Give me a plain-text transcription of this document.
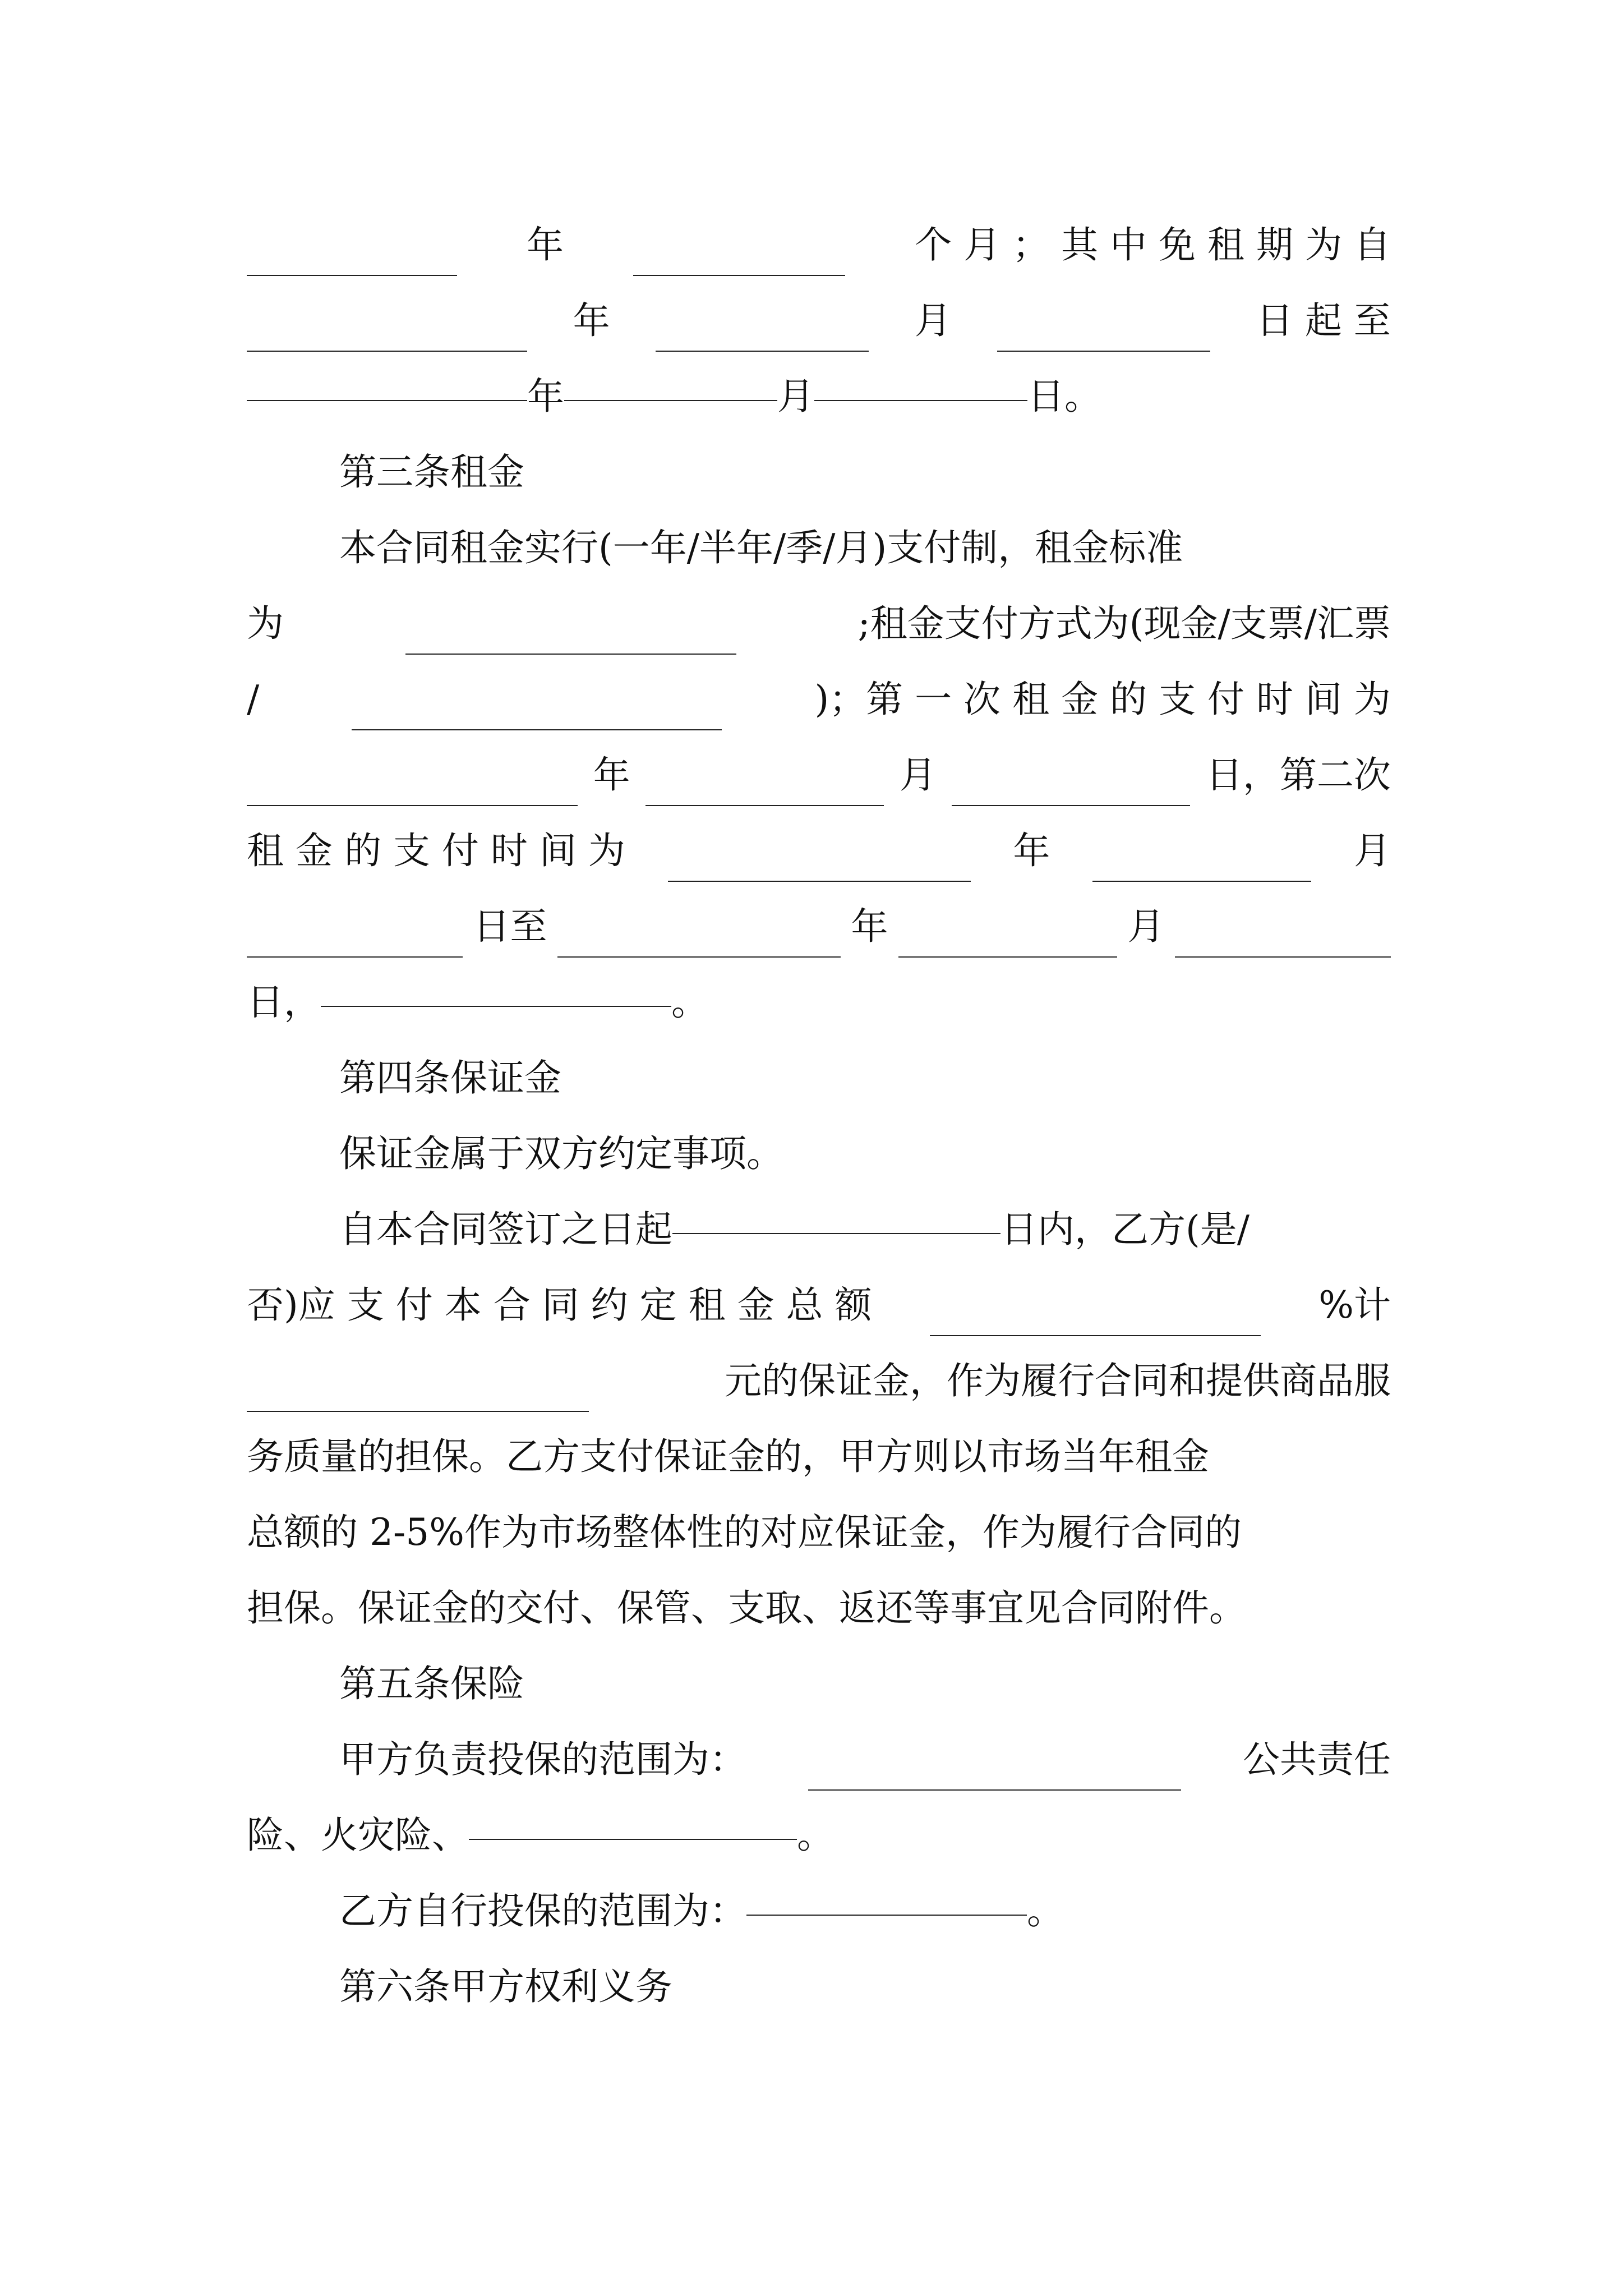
年	个 月 ； 其 中 免 租 期 为 自
年	月	日 起 至
年	月	日。
第三条租金
本合同租金实行(一年/半年/季/月)支付制，租金标准
为	;租金支付方式为(现金/支票/汇票
/	)；第 一 次 租 金 的 支 付 时 间 为
年	月	日，第二次
租 金 的 支 付 时 间 为	年	月
日至	年	月
日，	。
第四条保证金
保证金属于双方约定事项。
自本合同签订之日起	日内，乙方(是/
否)应 支 付 本 合 同 约 定 租 金 总 额	%计
元的保证金，作为履行合同和提供商品服
务质量的担保。乙方支付保证金的，甲方则以市场当年租金
总额的 2-5%作为市场整体性的对应保证金，作为履行合同的
担保。保证金的交付、保管、支取、返还等事宜见合同附件。
第五条保险
甲方负责投保的范围为：	公共责任
险、火灾险、	。
乙方自行投保的范围为：	。
第六条甲方权利义务
